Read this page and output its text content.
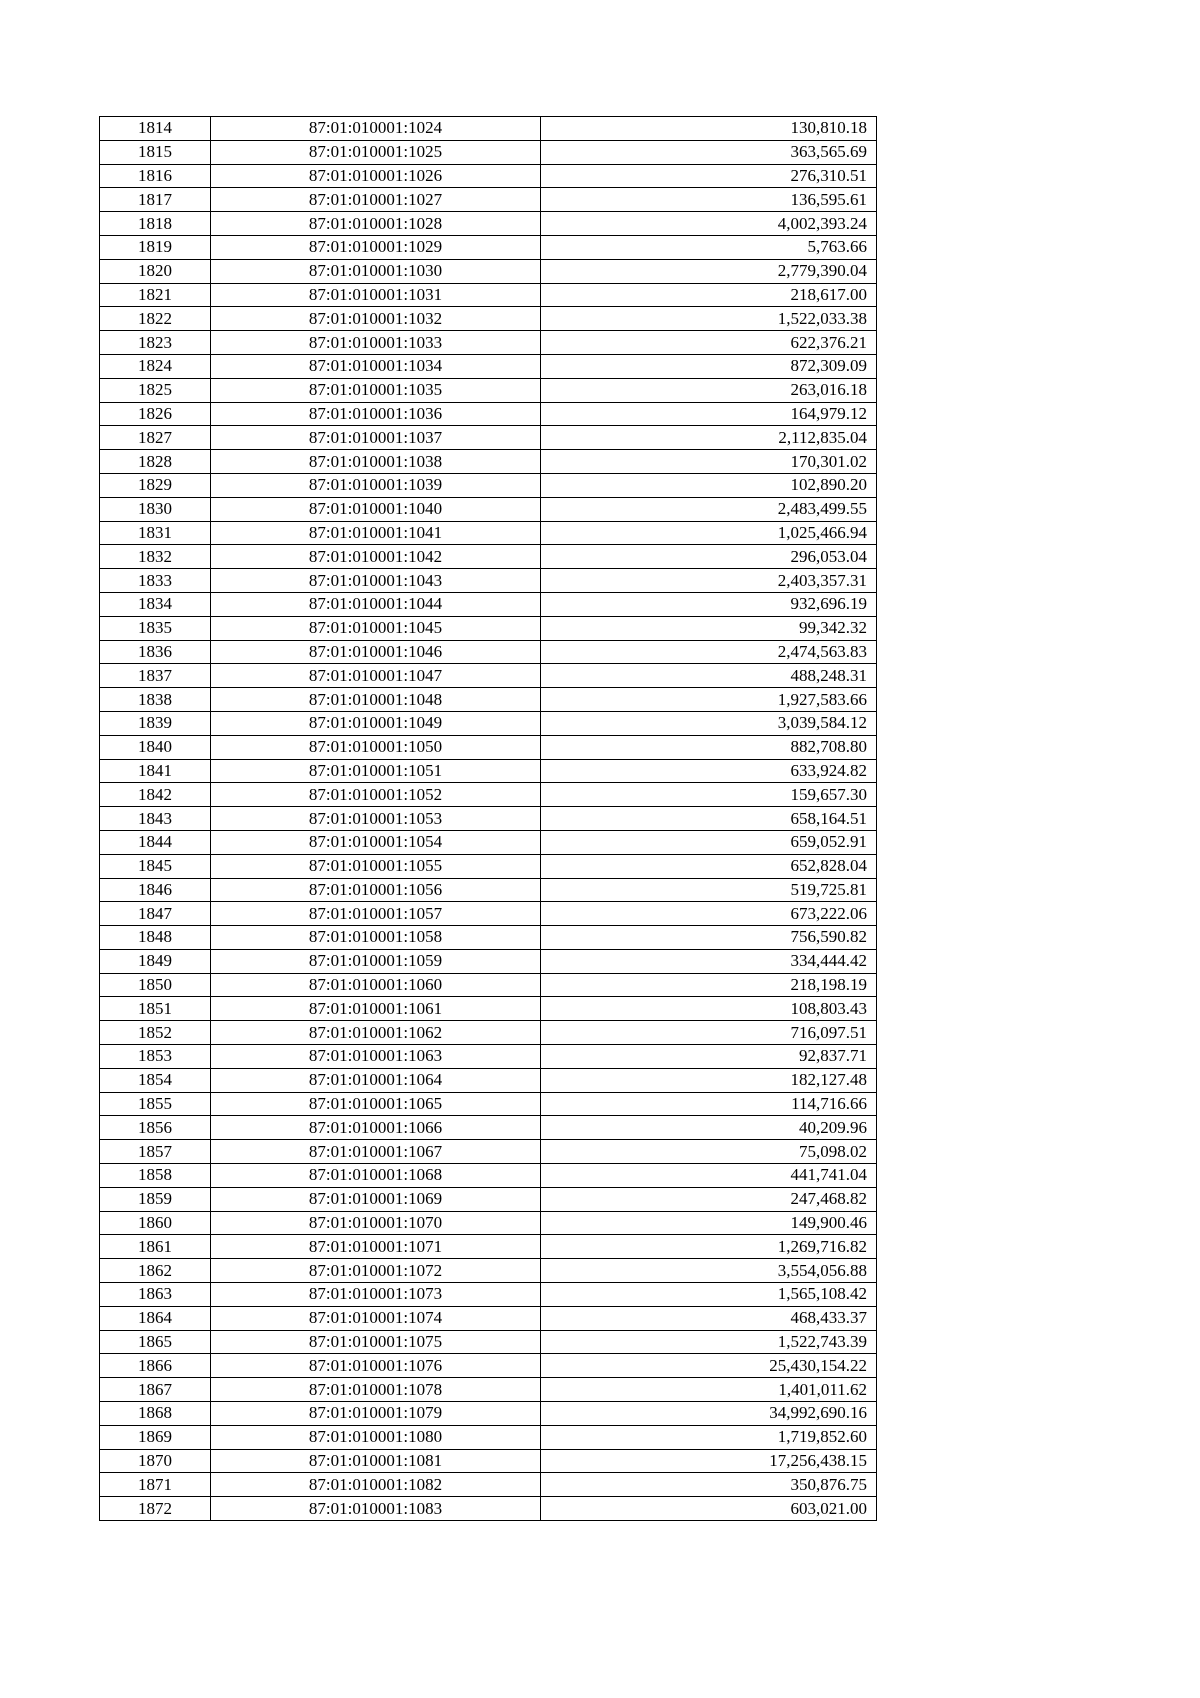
1814	87:01:010001:1024	130,810.18
1815	87:01:010001:1025	363,565.69
1816	87:01:010001:1026	276,310.51
1817	87:01:010001:1027	136,595.61
1818	87:01:010001:1028	4,002,393.24
1819	87:01:010001:1029	5,763.66
1820	87:01:010001:1030	2,779,390.04
1821	87:01:010001:1031	218,617.00
1822	87:01:010001:1032	1,522,033.38
1823	87:01:010001:1033	622,376.21
1824	87:01:010001:1034	872,309.09
1825	87:01:010001:1035	263,016.18
1826	87:01:010001:1036	164,979.12
1827	87:01:010001:1037	2,112,835.04
1828	87:01:010001:1038	170,301.02
1829	87:01:010001:1039	102,890.20
1830	87:01:010001:1040	2,483,499.55
1831	87:01:010001:1041	1,025,466.94
1832	87:01:010001:1042	296,053.04
1833	87:01:010001:1043	2,403,357.31
1834	87:01:010001:1044	932,696.19
1835	87:01:010001:1045	99,342.32
1836	87:01:010001:1046	2,474,563.83
1837	87:01:010001:1047	488,248.31
1838	87:01:010001:1048	1,927,583.66
1839	87:01:010001:1049	3,039,584.12
1840	87:01:010001:1050	882,708.80
1841	87:01:010001:1051	633,924.82
1842	87:01:010001:1052	159,657.30
1843	87:01:010001:1053	658,164.51
1844	87:01:010001:1054	659,052.91
1845	87:01:010001:1055	652,828.04
1846	87:01:010001:1056	519,725.81
1847	87:01:010001:1057	673,222.06
1848	87:01:010001:1058	756,590.82
1849	87:01:010001:1059	334,444.42
1850	87:01:010001:1060	218,198.19
1851	87:01:010001:1061	108,803.43
1852	87:01:010001:1062	716,097.51
1853	87:01:010001:1063	92,837.71
1854	87:01:010001:1064	182,127.48
1855	87:01:010001:1065	114,716.66
1856	87:01:010001:1066	40,209.96
1857	87:01:010001:1067	75,098.02
1858	87:01:010001:1068	441,741.04
1859	87:01:010001:1069	247,468.82
1860	87:01:010001:1070	149,900.46
1861	87:01:010001:1071	1,269,716.82
1862	87:01:010001:1072	3,554,056.88
1863	87:01:010001:1073	1,565,108.42
1864	87:01:010001:1074	468,433.37
1865	87:01:010001:1075	1,522,743.39
1866	87:01:010001:1076	25,430,154.22
1867	87:01:010001:1078	1,401,011.62
1868	87:01:010001:1079	34,992,690.16
1869	87:01:010001:1080	1,719,852.60
1870	87:01:010001:1081	17,256,438.15
1871	87:01:010001:1082	350,876.75
1872	87:01:010001:1083	603,021.00
